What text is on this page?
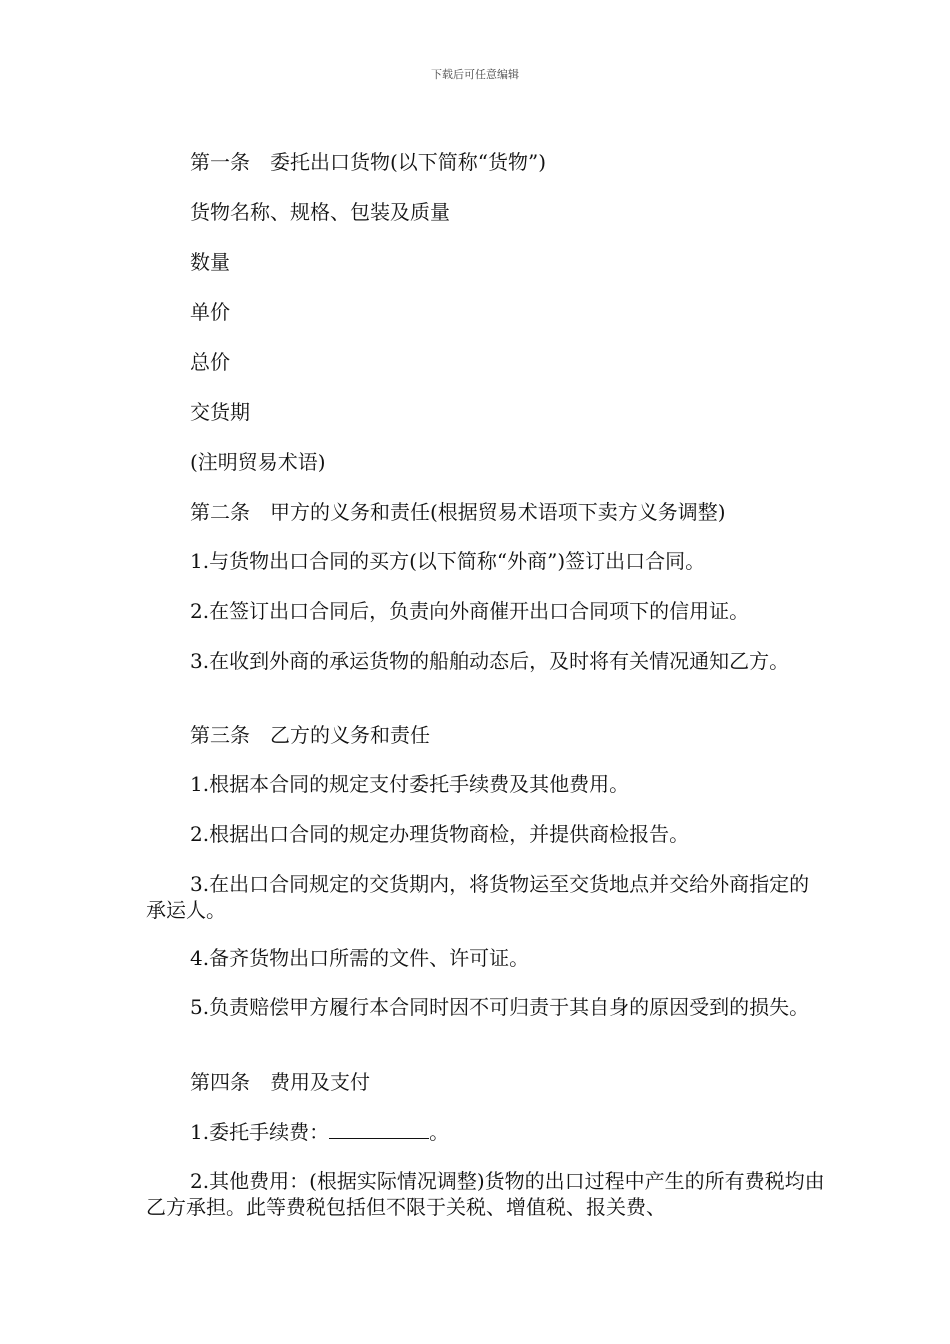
下载后可任意编辑
第一条　委托出口货物(以下简称“货物”)
货物名称、规格、包装及质量
数量
单价
总价
交货期
(注明贸易术语)
第二条　甲方的义务和责任(根据贸易术语项下卖方义务调整)
1.与货物出口合同的买方(以下简称“外商”)签订出口合同。
2.在签订出口合同后，负责向外商催开出口合同项下的信用证。
3.在收到外商的承运货物的船舶动态后，及时将有关情况通知乙方。
第三条　乙方的义务和责任
1.根据本合同的规定支付委托手续费及其他费用。
2.根据出口合同的规定办理货物商检，并提供商检报告。
3.在出口合同规定的交货期内，将货物运至交货地点并交给外商指定的承运人。
4.备齐货物出口所需的文件、许可证。
5.负责赔偿甲方履行本合同时因不可归责于其自身的原因受到的损失。
第四条　费用及支付
1.委托手续费：	。
2.其他费用：(根据实际情况调整)货物的出口过程中产生的所有费税均由乙方承担。此等费税包括但不限于关税、增值税、报关费、
